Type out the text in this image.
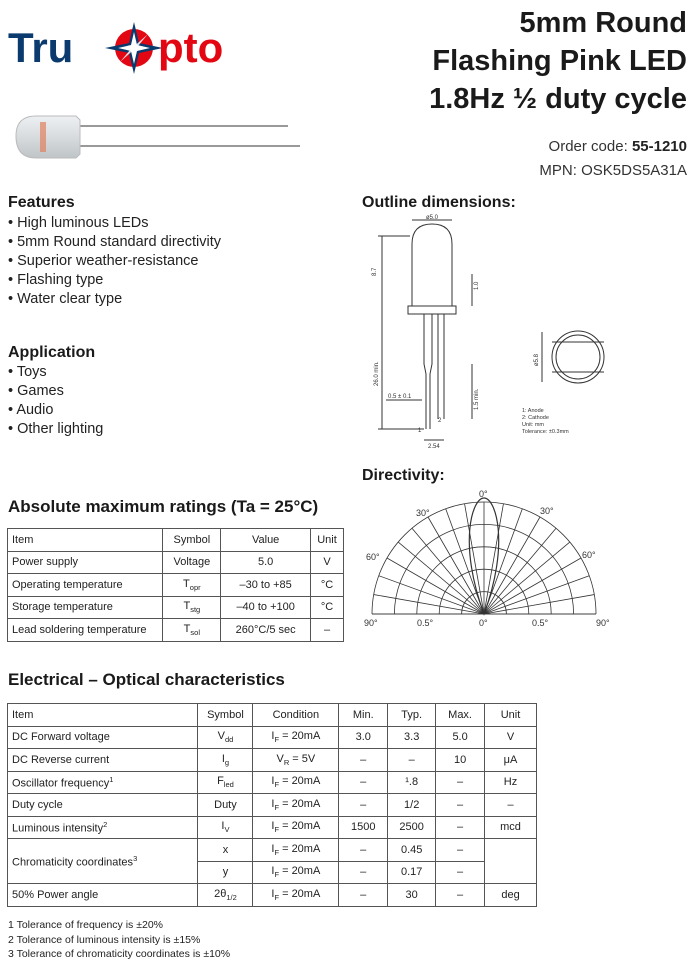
Tru pto
5mm Round
Flashing Pink LED
1.8Hz ½ duty cycle
Order code: 55-1210
MPN: OSK5DS5A31A
Features
• High luminous LEDs
• 5mm Round standard directivity
• Superior weather-resistance
• Flashing type
• Water clear type
Application
• Toys
• Games
• Audio
• Other lighting
Outline dimensions:
ø5.0
8.7
1.0
26.0 min.
0.5 ± 0.1	1.5 min.
2.54
ø5.8
1
2
1: Anode
2: Cathode
Unit: mm
Tolerance: ±0.3mm
Directivity:
0°
30°	30°
60°	60°
90°	0.5°	0°	0.5°	90°
Absolute maximum ratings (Ta = 25°C)
Item	Symbol	Value	Unit
Power supply	Voltage	5.0	V
Operating temperature	$T_{opr}$	–30 to +85	°C
Storage temperature	$T_{stg}$	–40 to +100	°C
Lead soldering temperature	$T_{sol}$	260°C/5 sec	–
Electrical – Optical characteristics
Item	Symbol	Condition	Min.	Typ.	Max.	Unit
DC Forward voltage	$V_{dd}$	$I_F = 20mA$	3.0	3.3	5.0	V
DC Reverse current	$I_g$	$V_R = 5V$	–	–	10	μA
Oscillator frequency$^1$	$F_{led}$	$I_F = 20mA$	–	¹.8	–	Hz
Duty cycle	Duty	$I_F = 20mA$	–	1/2	–	–
Luminous intensity$^2$	$I_V$	$I_F = 20mA$	1500	2500	–	mcd
Chromaticity coordinates$^3$	x	$I_F = 20mA$	–	0.45	–	
	y	$I_F = 20mA$	–	0.17	–	
50% Power angle	$2\theta_{1/2}$	$I_F = 20mA$	–	30	–	deg
1 Tolerance of frequency is ±20%
2 Tolerance of luminous intensity is ±15%
3 Tolerance of chromaticity coordinates is ±10%
